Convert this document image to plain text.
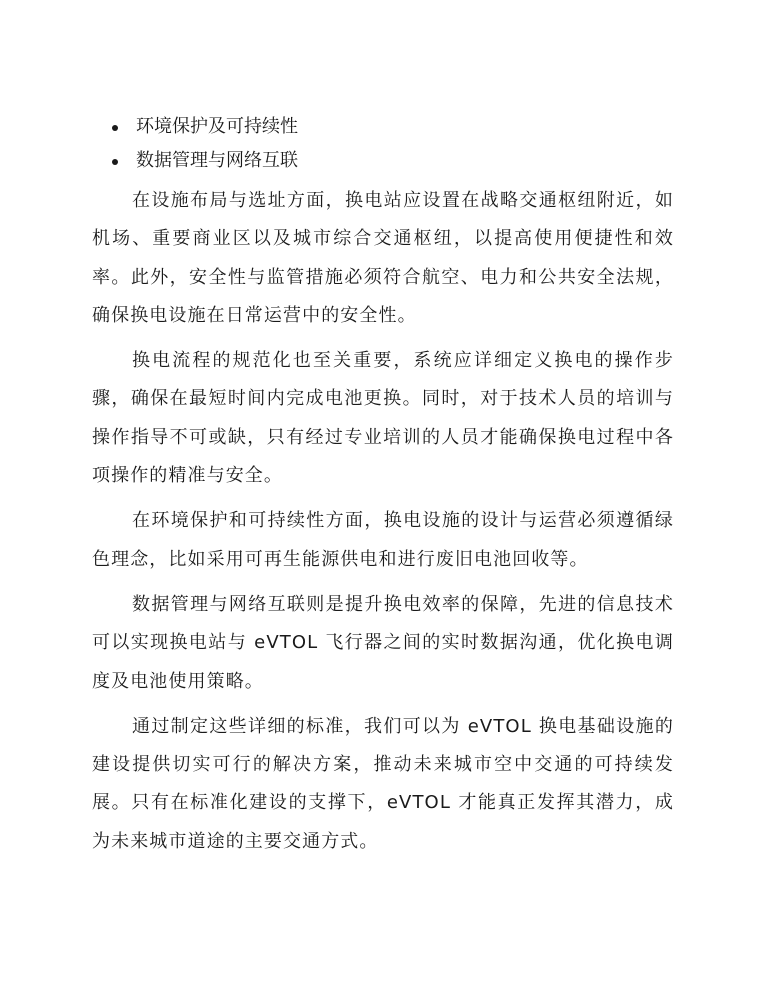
环境保护及可持续性
数据管理与网络互联

在设施布局与选址方面，换电站应设置在战略交通枢纽附近，如机场、重要商业区以及城市综合交通枢纽，以提高使用便捷性和效率。此外，安全性与监管措施必须符合航空、电力和公共安全法规，确保换电设施在日常运营中的安全性。

换电流程的规范化也至关重要，系统应详细定义换电的操作步骤，确保在最短时间内完成电池更换。同时，对于技术人员的培训与操作指导不可或缺，只有经过专业培训的人员才能确保换电过程中各项操作的精准与安全。

在环境保护和可持续性方面，换电设施的设计与运营必须遵循绿色理念，比如采用可再生能源供电和进行废旧电池回收等。

数据管理与网络互联则是提升换电效率的保障，先进的信息技术可以实现换电站与 eVTOL 飞行器之间的实时数据沟通，优化换电调度及电池使用策略。

通过制定这些详细的标准，我们可以为 eVTOL 换电基础设施的建设提供切实可行的解决方案，推动未来城市空中交通的可持续发展。只有在标准化建设的支撑下，eVTOL 才能真正发挥其潜力，成为未来城市道途的主要交通方式。
